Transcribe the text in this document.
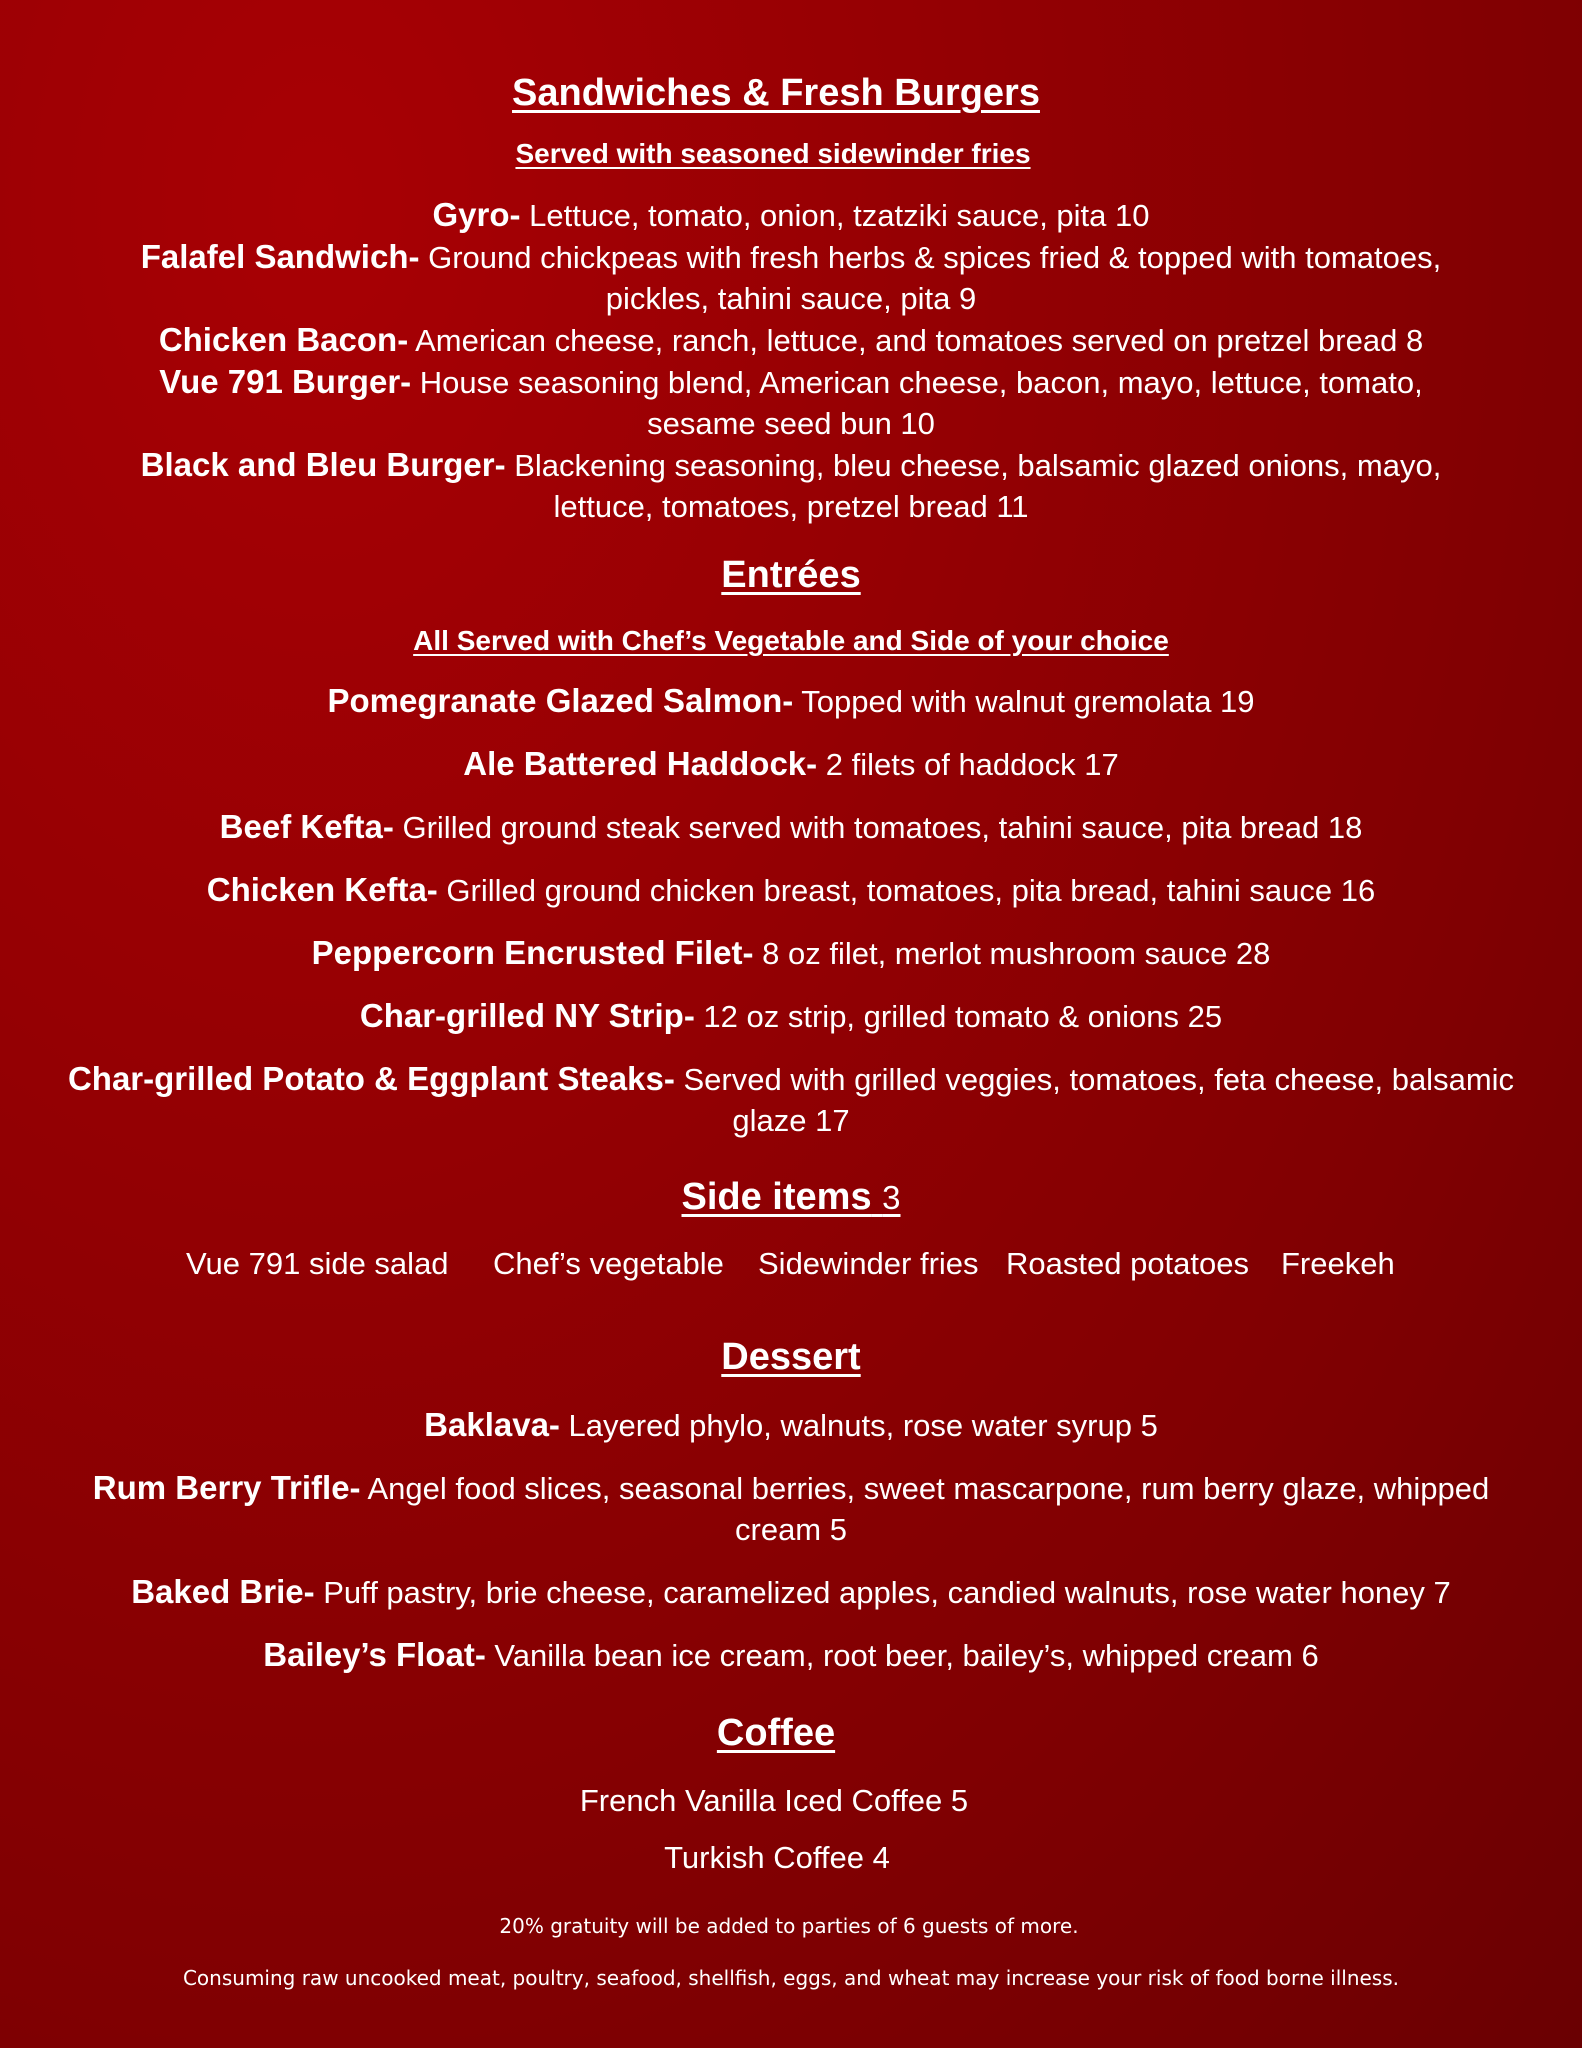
Sandwiches & Fresh Burgers

Served with seasoned sidewinder fries

Gyro- Lettuce, tomato, onion, tzatziki sauce, pita 10

Falafel Sandwich- Ground chickpeas with fresh herbs & spices fried & topped with tomatoes, pickles, tahini sauce, pita 9

Chicken Bacon- American cheese, ranch, lettuce, and tomatoes served on pretzel bread 8

Vue 791 Burger- House seasoning blend, American cheese, bacon, mayo, lettuce, tomato, sesame seed bun 10

Black and Bleu Burger- Blackening seasoning, bleu cheese, balsamic glazed onions, mayo, lettuce, tomatoes, pretzel bread 11

Entrées

All Served with Chef’s Vegetable and Side of your choice

Pomegranate Glazed Salmon- Topped with walnut gremolata 19

Ale Battered Haddock- 2 filets of haddock 17

Beef Kefta- Grilled ground steak served with tomatoes, tahini sauce, pita bread 18

Chicken Kefta- Grilled ground chicken breast, tomatoes, pita bread, tahini sauce 16

Peppercorn Encrusted Filet- 8 oz filet, merlot mushroom sauce 28

Char-grilled NY Strip- 12 oz strip, grilled tomato & onions 25

Char-grilled Potato & Eggplant Steaks- Served with grilled veggies, tomatoes, feta cheese, balsamic glaze 17

Side items 3
Vue 791 side salad Chef’s vegetable Sidewinder fries Roasted potatoes Freekeh
Dessert

Baklava- Layered phylo, walnuts, rose water syrup 5

Rum Berry Trifle- Angel food slices, seasonal berries, sweet mascarpone, rum berry glaze, whipped cream 5

Baked Brie- Puff pastry, brie cheese, caramelized apples, candied walnuts, rose water honey 7

Bailey’s Float- Vanilla bean ice cream, root beer, bailey’s, whipped cream 6

Coffee

French Vanilla Iced Coffee 5

Turkish Coffee 4

20% gratuity will be added to parties of 6 guests of more.
Consuming raw uncooked meat, poultry, seafood, shellfish, eggs, and wheat may increase your risk of food borne illness.
